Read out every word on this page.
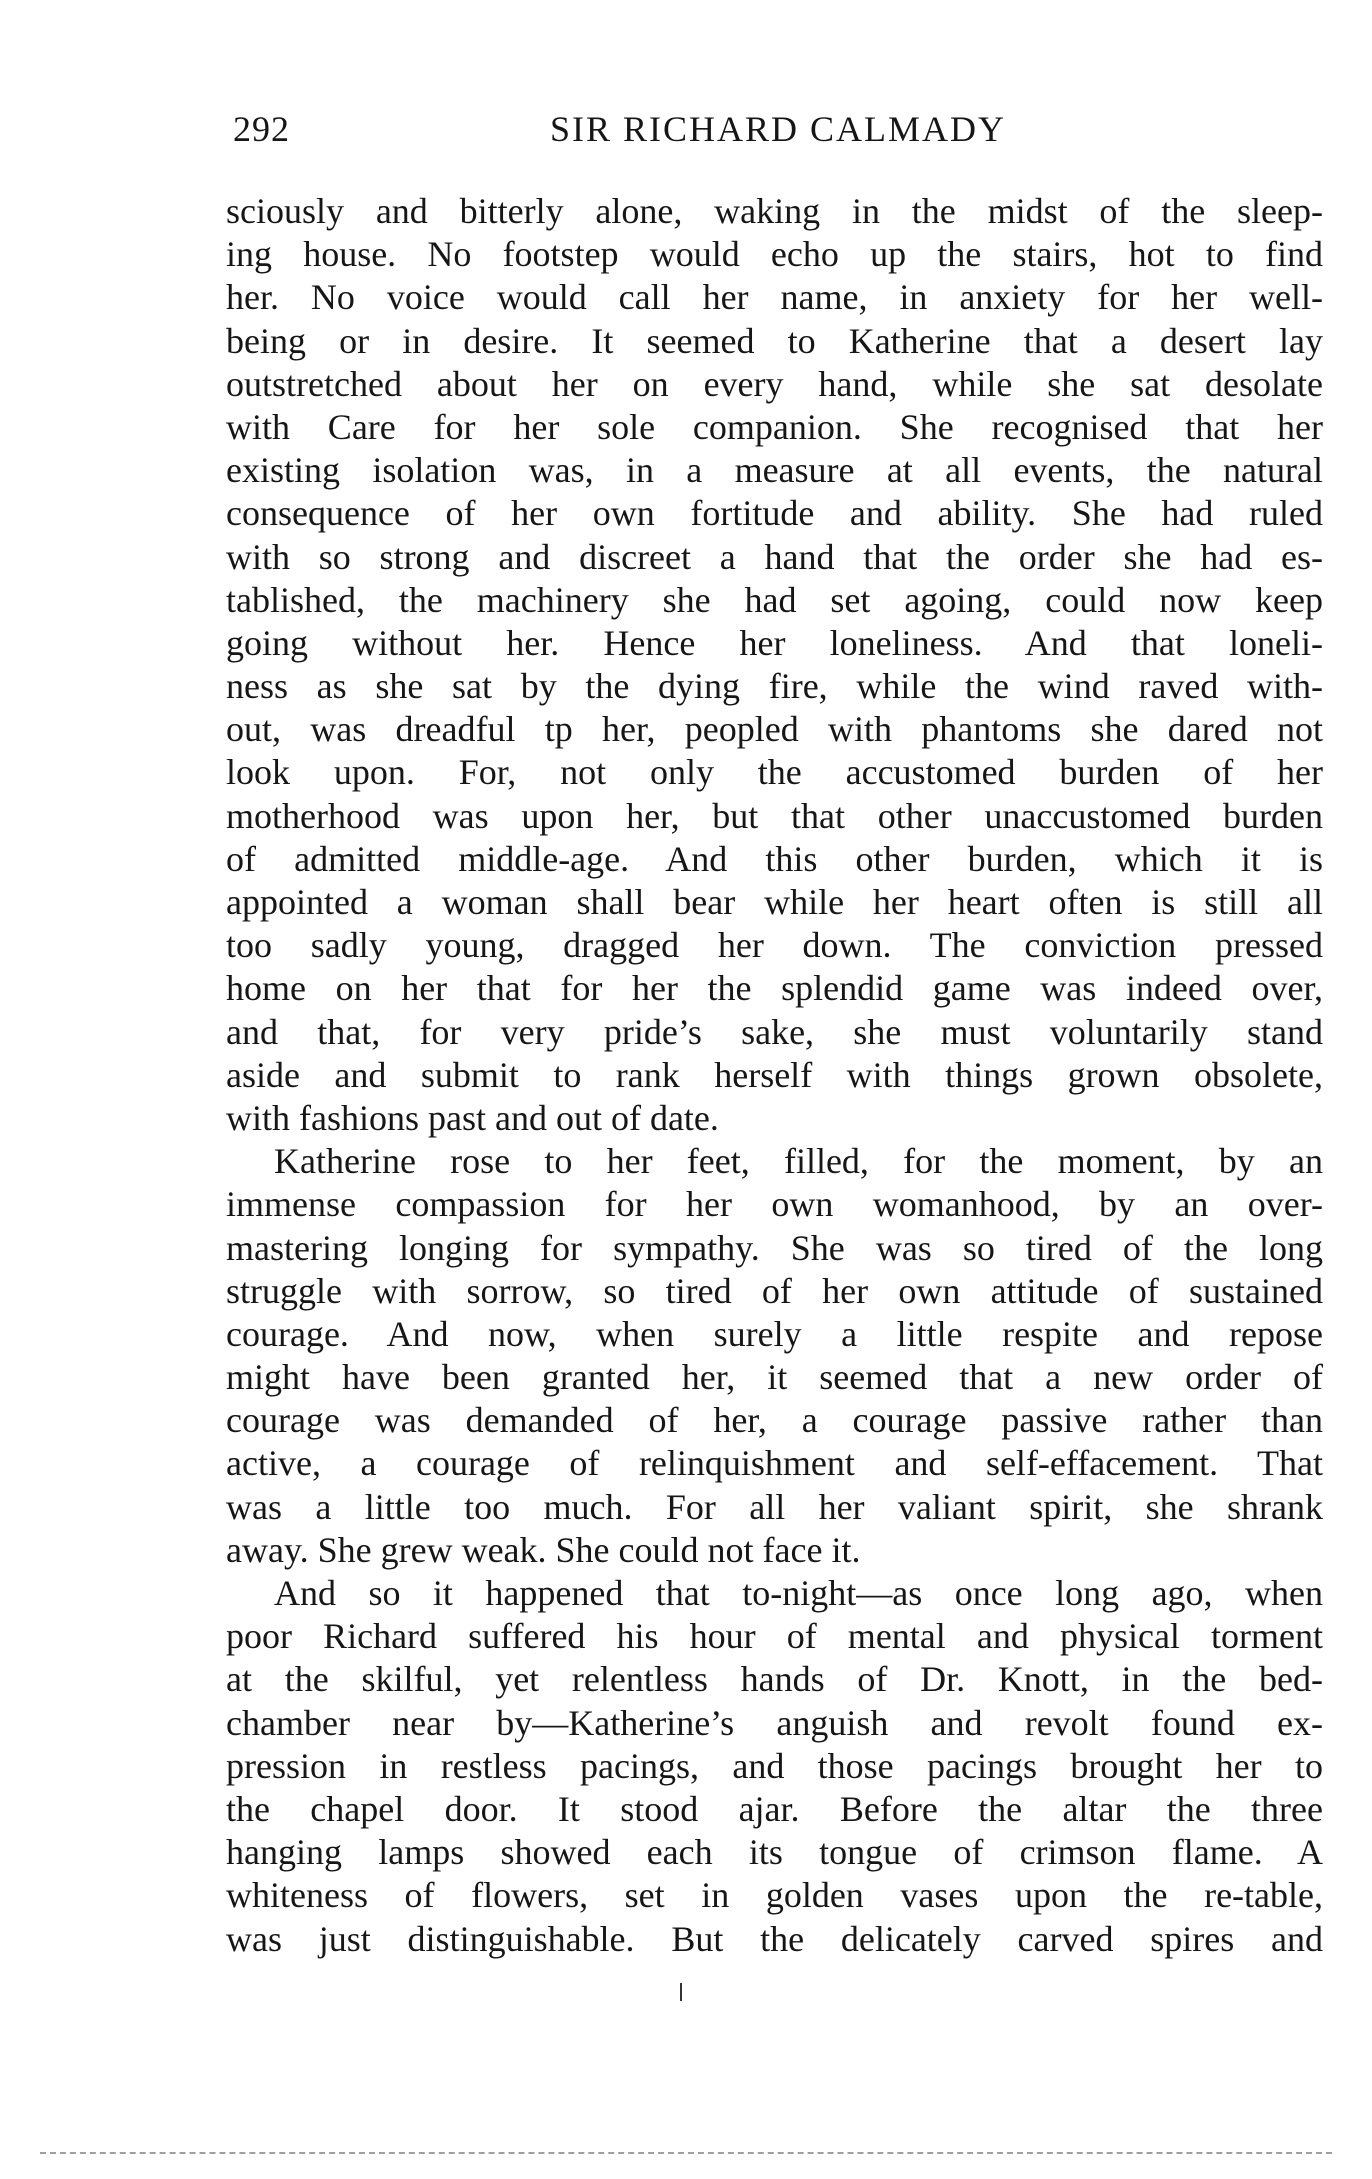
292	SIR RICHARD CALMADY
sciously and bitterly alone, waking in the midst of the sleep-
ing house. No footstep would echo up the stairs, hot to find
her. No voice would call her name, in anxiety for her well-
being or in desire. It seemed to Katherine that a desert lay
outstretched about her on every hand, while she sat desolate
with Care for her sole companion. She recognised that her
existing isolation was, in a measure at all events, the natural
consequence of her own fortitude and ability. She had ruled
with so strong and discreet a hand that the order she had es-
tablished, the machinery she had set agoing, could now keep
going without her. Hence her loneliness. And that loneli-
ness as she sat by the dying fire, while the wind raved with-
out, was dreadful tp her, peopled with phantoms she dared not
look upon. For, not only the accustomed burden of her
motherhood was upon her, but that other unaccustomed burden
of admitted middle-age. And this other burden, which it is
appointed a woman shall bear while her heart often is still all
too sadly young, dragged her down. The conviction pressed
home on her that for her the splendid game was indeed over,
and that, for very pride’s sake, she must voluntarily stand
aside and submit to rank herself with things grown obsolete,
with fashions past and out of date.
Katherine rose to her feet, filled, for the moment, by an
immense compassion for her own womanhood, by an over-
mastering longing for sympathy. She was so tired of the long
struggle with sorrow, so tired of her own attitude of sustained
courage. And now, when surely a little respite and repose
might have been granted her, it seemed that a new order of
courage was demanded of her, a courage passive rather than
active, a courage of relinquishment and self-effacement. That
was a little too much. For all her valiant spirit, she shrank
away. She grew weak. She could not face it.
And so it happened that to-night—as once long ago, when
poor Richard suffered his hour of mental and physical torment
at the skilful, yet relentless hands of Dr. Knott, in the bed-
chamber near by—Katherine’s anguish and revolt found ex-
pression in restless pacings, and those pacings brought her to
the chapel door. It stood ajar. Before the altar the three
hanging lamps showed each its tongue of crimson flame. A
whiteness of flowers, set in golden vases upon the re-table,
was just distinguishable. But the delicately carved spires and
